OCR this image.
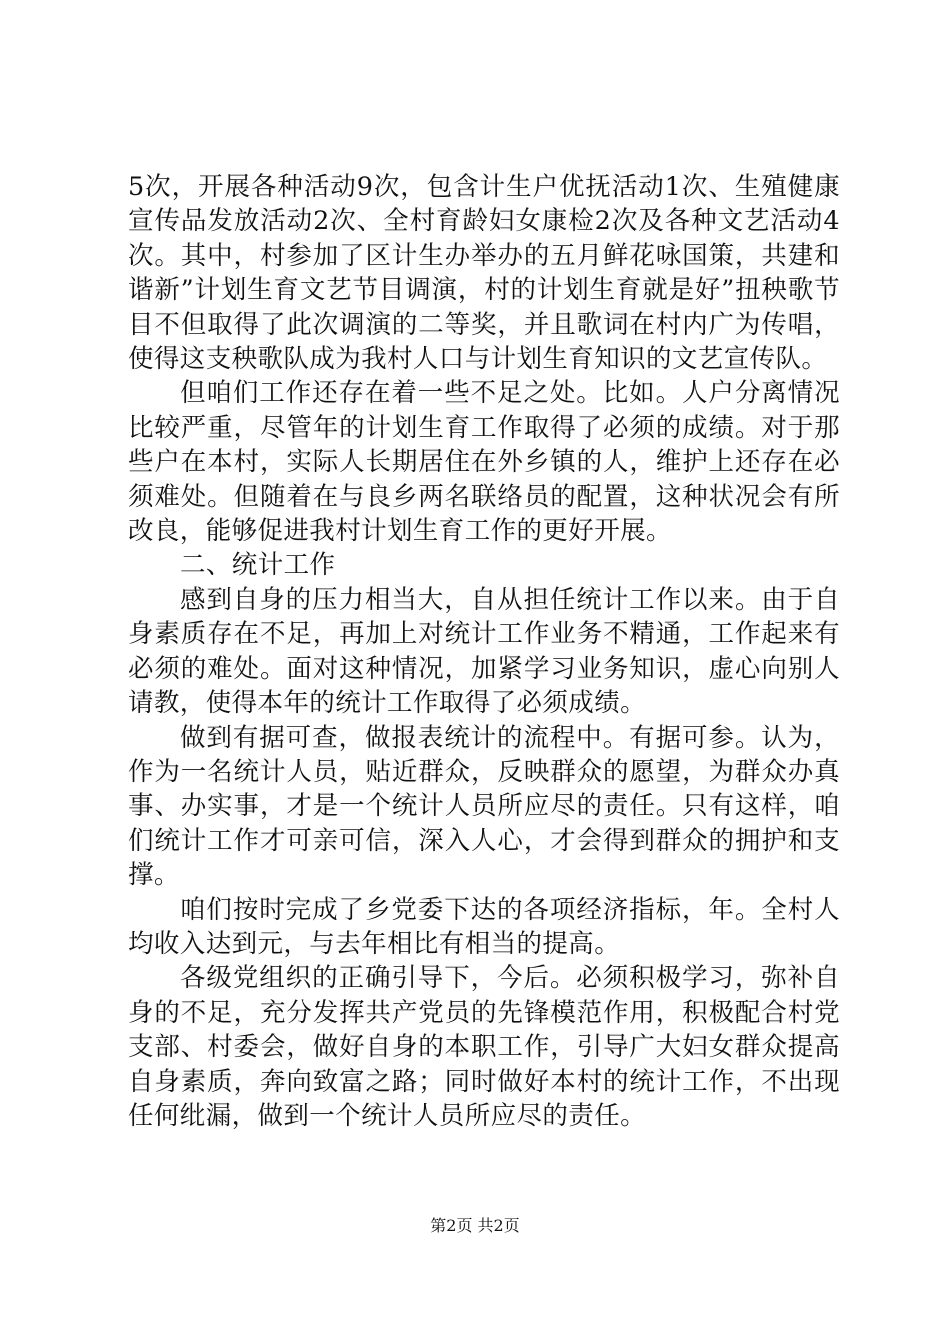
5次，开展各种活动9次，包含计生户优抚活动1次、生殖健康宣传品发放活动2次、全村育龄妇女康检2次及各种文艺活动4次。其中，村参加了区计生办举办的五月鲜花咏国策，共建和谐新”计划生育文艺节目调演，村的计划生育就是好”扭秧歌节目不但取得了此次调演的二等奖，并且歌词在村内广为传唱，使得这支秧歌队成为我村人口与计划生育知识的文艺宣传队。

但咱们工作还存在着一些不足之处。比如。人户分离情况比较严重，尽管年的计划生育工作取得了必须的成绩。对于那些户在本村，实际人长期居住在外乡镇的人，维护上还存在必须难处。但随着在与良乡两名联络员的配置，这种状况会有所改良，能够促进我村计划生育工作的更好开展。

二、统计工作

感到自身的压力相当大，自从担任统计工作以来。由于自身素质存在不足，再加上对统计工作业务不精通，工作起来有必须的难处。面对这种情况，加紧学习业务知识，虚心向别人请教，使得本年的统计工作取得了必须成绩。

做到有据可查，做报表统计的流程中。有据可参。认为，作为一名统计人员，贴近群众，反映群众的愿望，为群众办真事、办实事，才是一个统计人员所应尽的责任。只有这样，咱们统计工作才可亲可信，深入人心，才会得到群众的拥护和支撑。

咱们按时完成了乡党委下达的各项经济指标，年。全村人均收入达到元，与去年相比有相当的提高。

各级党组织的正确引导下，今后。必须积极学习，弥补自身的不足，充分发挥共产党员的先锋模范作用，积极配合村党支部、村委会，做好自身的本职工作，引导广大妇女群众提高自身素质，奔向致富之路；同时做好本村的统计工作，不出现任何纰漏，做到一个统计人员所应尽的责任。

第2页 共2页
